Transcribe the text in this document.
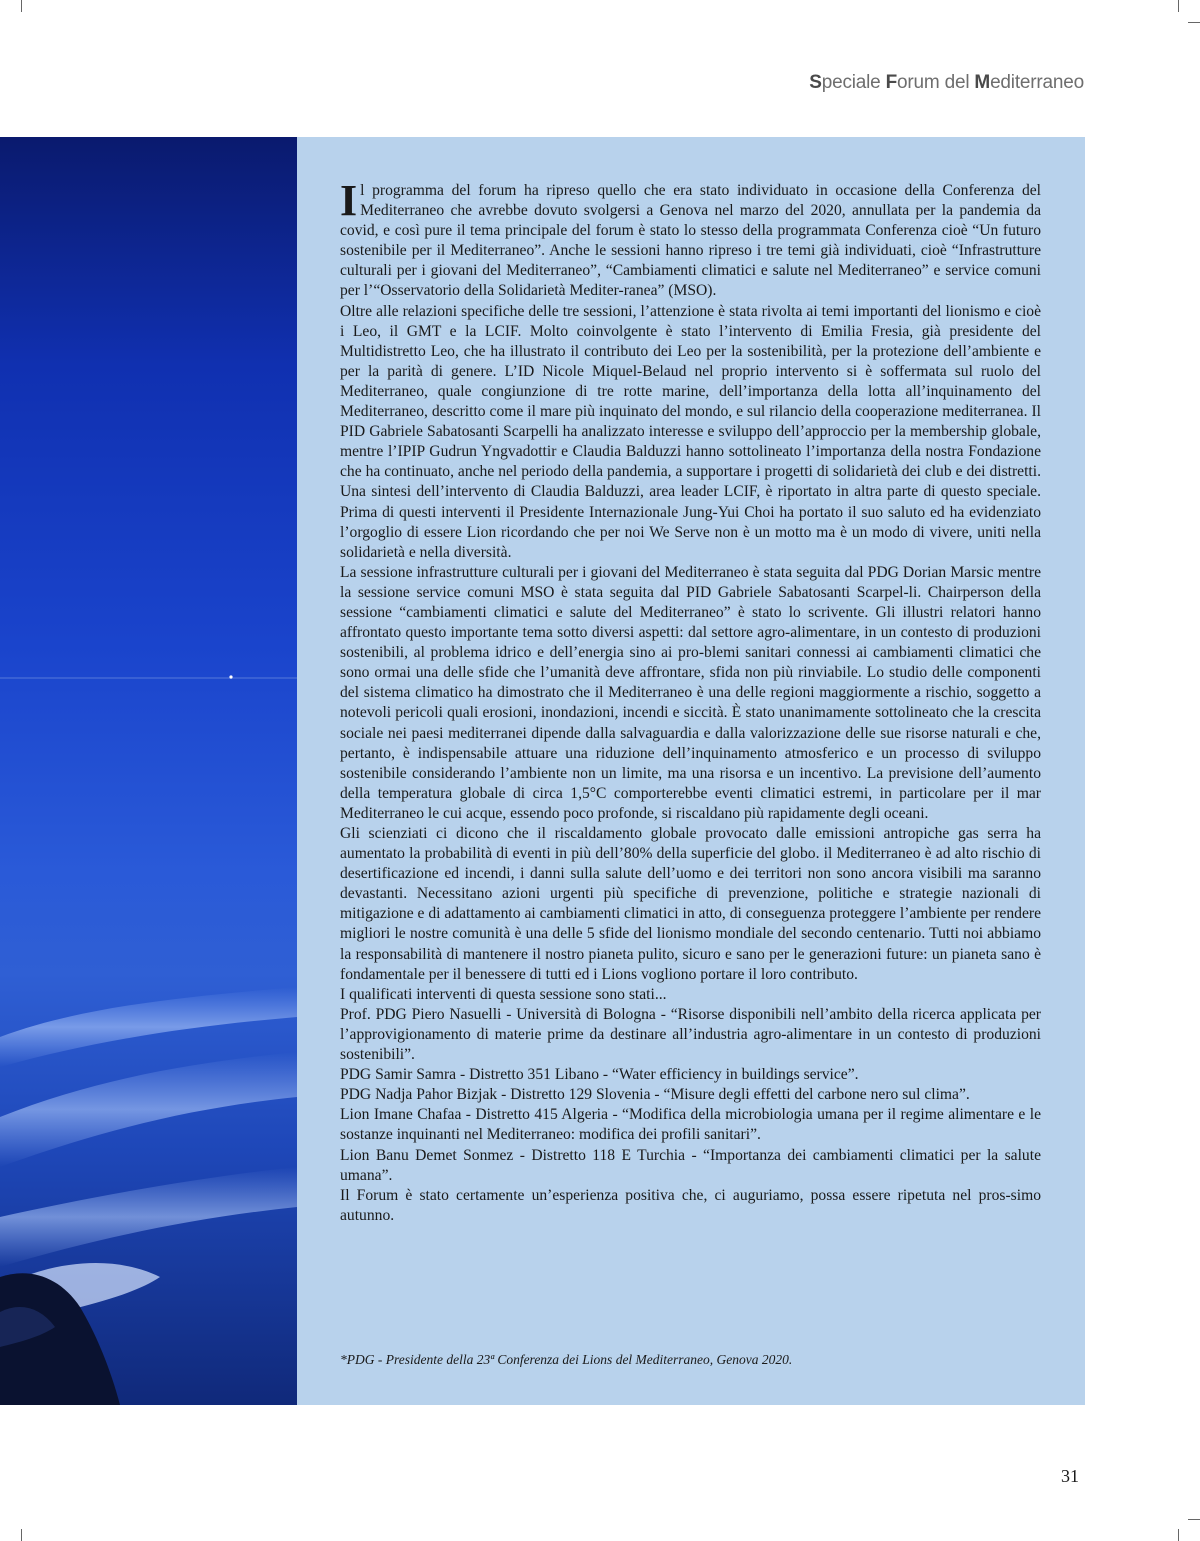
Speciale Forum del Mediterraneo

Il programma del forum ha ripreso quello che era stato individuato in occasione della Conferenza del Mediterraneo che avrebbe dovuto svolgersi a Genova nel marzo del 2020, annullata per la pandemia da covid, e così pure il tema principale del forum è stato lo stesso della programmata Conferenza cioè “Un futuro sostenibile per il Mediterraneo”. Anche le sessioni hanno ripreso i tre temi già individuati, cioè “Infrastrutture culturali per i giovani del Mediterraneo”, “Cambiamenti climatici e salute nel Mediterraneo” e service comuni per l’“Osservatorio della Solidarietà Mediter-ranea” (MSO).

Oltre alle relazioni specifiche delle tre sessioni, l’attenzione è stata rivolta ai temi importanti del lionismo e cioè i Leo, il GMT e la LCIF. Molto coinvolgente è stato l’intervento di Emilia Fresia, già presidente del Multidistretto Leo, che ha illustrato il contributo dei Leo per la sostenibilità, per la protezione dell’ambiente e per la parità di genere. L’ID Nicole Miquel-Belaud nel proprio intervento si è soffermata sul ruolo del Mediterraneo, quale congiunzione di tre rotte marine, dell’importanza della lotta all’inquinamento del Mediterraneo, descritto come il mare più inquinato del mondo, e sul rilancio della cooperazione mediterranea. Il PID Gabriele Sabatosanti Scarpelli ha analizzato interesse e sviluppo dell’approccio per la membership globale, mentre l’IPIP Gudrun Yngvadottir e Claudia Balduzzi hanno sottolineato l’importanza della nostra Fondazione che ha continuato, anche nel periodo della pandemia, a supportare i progetti di solidarietà dei club e dei distretti. Una sintesi dell’intervento di Claudia Balduzzi, area leader LCIF, è riportato in altra parte di questo speciale. Prima di questi interventi il Presidente Internazionale Jung-Yui Choi ha portato il suo saluto ed ha evidenziato l’orgoglio di essere Lion ricordando che per noi We Serve non è un motto ma è un modo di vivere, uniti nella solidarietà e nella diversità.

La sessione infrastrutture culturali per i giovani del Mediterraneo è stata seguita dal PDG Dorian Marsic mentre la sessione service comuni MSO è stata seguita dal PID Gabriele Sabatosanti Scarpel-li. Chairperson della sessione “cambiamenti climatici e salute del Mediterraneo” è stato lo scrivente. Gli illustri relatori hanno affrontato questo importante tema sotto diversi aspetti: dal settore agro-alimentare, in un contesto di produzioni sostenibili, al problema idrico e dell’energia sino ai pro-blemi sanitari connessi ai cambiamenti climatici che sono ormai una delle sfide che l’umanità deve affrontare, sfida non più rinviabile. Lo studio delle componenti del sistema climatico ha dimostrato che il Mediterraneo è una delle regioni maggiormente a rischio, soggetto a notevoli pericoli quali erosioni, inondazioni, incendi e siccità. È stato unanimamente sottolineato che la crescita sociale nei paesi mediterranei dipende dalla salvaguardia e dalla valorizzazione delle sue risorse naturali e che, pertanto, è indispensabile attuare una riduzione dell’inquinamento atmosferico e un processo di sviluppo sostenibile considerando l’ambiente non un limite, ma una risorsa e un incentivo. La previsione dell’aumento della temperatura globale di circa 1,5°C comporterebbe eventi climatici estremi, in particolare per il mar Mediterraneo le cui acque, essendo poco profonde, si riscaldano più rapidamente degli oceani.

Gli scienziati ci dicono che il riscaldamento globale provocato dalle emissioni antropiche gas serra ha aumentato la probabilità di eventi in più dell’80% della superficie del globo. il Mediterraneo è ad alto rischio di desertificazione ed incendi, i danni sulla salute dell’uomo e dei territori non sono ancora visibili ma saranno devastanti. Necessitano azioni urgenti più specifiche di prevenzione, politiche e strategie nazionali di mitigazione e di adattamento ai cambiamenti climatici in atto, di conseguenza proteggere l’ambiente per rendere migliori le nostre comunità è una delle 5 sfide del lionismo mondiale del secondo centenario. Tutti noi abbiamo la responsabilità di mantenere il nostro pianeta pulito, sicuro e sano per le generazioni future: un pianeta sano è fondamentale per il benessere di tutti ed i Lions vogliono portare il loro contributo.

I qualificati interventi di questa sessione sono stati...

Prof. PDG Piero Nasuelli - Università di Bologna - “Risorse disponibili nell’ambito della ricerca applicata per l’approvigionamento di materie prime da destinare all’industria agro-alimentare in un contesto di produzioni sostenibili”.

PDG Samir Samra - Distretto 351 Libano - “Water efficiency in buildings service”.

PDG Nadja Pahor Bizjak - Distretto 129 Slovenia - “Misure degli effetti del carbone nero sul clima”.

Lion Imane Chafaa - Distretto 415 Algeria - “Modifica della microbiologia umana per il regime alimentare e le sostanze inquinanti nel Mediterraneo: modifica dei profili sanitari”.

Lion Banu Demet Sonmez - Distretto 118 E Turchia - “Importanza dei cambiamenti climatici per la salute umana”.

Il Forum è stato certamente un’esperienza positiva che, ci auguriamo, possa essere ripetuta nel pros-simo autunno.

*PDG - Presidente della 23ª Conferenza dei Lions del Mediterraneo, Genova 2020.
31
